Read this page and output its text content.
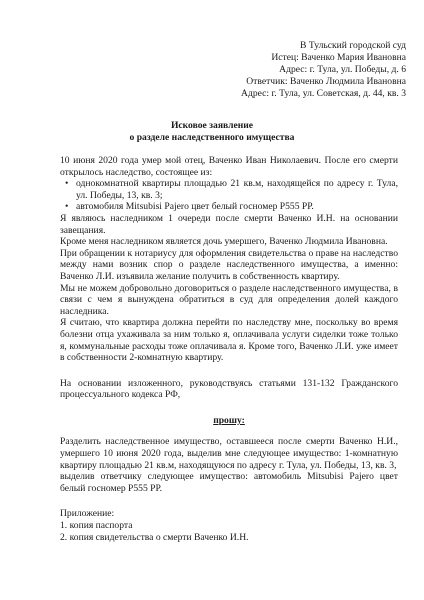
В Тульский городской суд
Истец: Ваченко Мария Ивановна
Адрес: г. Тула, ул. Победы, д. 6
Ответчик: Ваченко Людмила Ивановна
Адрес: г. Тула, ул. Советская, д. 44, кв. 3
Исковое заявление
о разделе наследственного имущества

10 июня 2020 года умер мой отец, Ваченко Иван Николаевич. После его смерти открылось наследство, состоящее из:

• однокомнатной квартиры площадью 21 кв.м, находящейся по адресу г. Тула, ул. Победы, 13, кв. 3;
• автомобиля Mitsubisi Pajero цвет белый госномер Р555 РР.

Я являюсь наследником 1 очереди после смерти Ваченко И.Н. на основании завещания.

Кроме меня наследником является дочь умершего, Ваченко Людмила Ивановна.

При обращении к нотариусу для оформления свидетельства о праве на наследство между нами возник спор о разделе наследственного имущества, а именно: Ваченко Л.И. изъявила желание получить в собственность квартиру.

Мы не можем добровольно договориться о разделе наследственного имущества, в связи с чем я вынуждена обратиться в суд для определения долей каждого наследника.

Я считаю, что квартира должна перейти по наследству мне, поскольку во время болезни отца ухаживала за ним только я, оплачивала услуги сиделки тоже только я, коммунальные расходы тоже оплачивала я. Кроме того, Ваченко Л.И. уже имеет в собственности 2-комнатную квартиру.

На основании изложенного, руководствуясь статьями 131-132 Гражданского процессуального кодекса РФ,

прошу:

Разделить наследственное имущество, оставшееся после смерти Ваченко Н.И., умершего 10 июня 2020 года, выделив мне следующее имущество: 1-комнатную квартиру площадью 21 кв.м, находящуюся по адресу г. Тула, ул. Победы, 13, кв. 3,

выделив ответчику следующее имущество: автомобиль Mitsubisi Pajero цвет белый госномер Р555 РР.

Приложение:
1. копия паспорта
2. копия свидетельства о смерти Ваченко И.Н.
